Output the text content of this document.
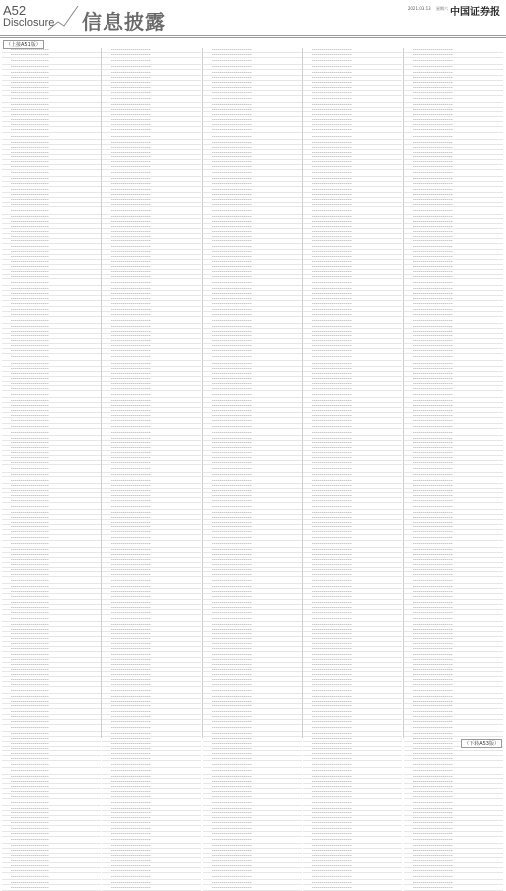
A52
Disclosure 信息披露
2021.03.13 星期六 中国证券报
（上接A51版）
（下转A53版）
